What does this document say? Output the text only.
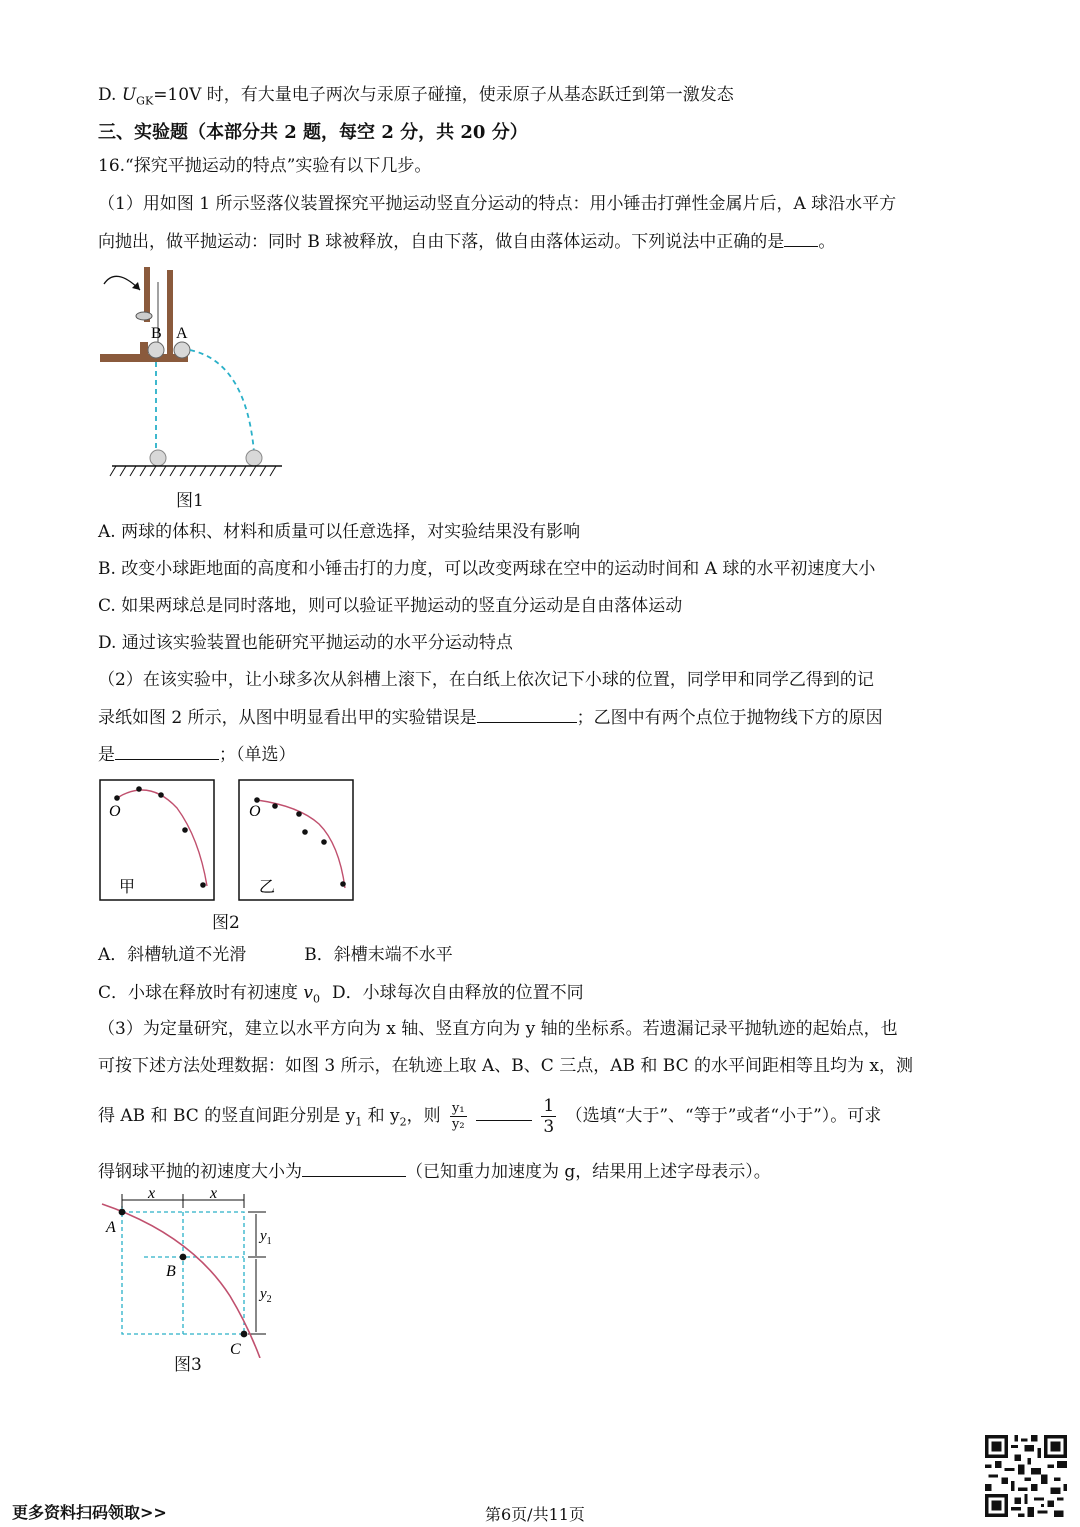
D. $U_{GK}=10V$ 时，有大量电子两次与汞原子碰撞，使汞原子从基态跃迁到第一激发态
三、实验题（本部分共 2 题，每空 2 分，共 20 分）
16.“探究平抛运动的特点”实验有以下几步。
（1）用如图 1 所示竖落仪装置探究平抛运动竖直分运动的特点：用小锤击打弹性金属片后，A 球沿水平方
向抛出，做平抛运动：同时 B 球被释放，自由下落，做自由落体运动。下列说法中正确的是 。
B A
图1
A. 两球的体积、材料和质量可以任意选择，对实验结果没有影响
B. 改变小球距地面的高度和小锤击打的力度，可以改变两球在空中的运动时间和 A 球的水平初速度大小
C. 如果两球总是同时落地，则可以验证平抛运动的竖直分运动是自由落体运动
D. 通过该实验装置也能研究平抛运动的水平分运动特点
（2）在该实验中，让小球多次从斜槽上滚下，在白纸上依次记下小球的位置，同学甲和同学乙得到的记
录纸如图 2 所示，从图中明显看出甲的实验错误是	；乙图中有两个点位于抛物线下方的原因
是	；（单选）
O
甲
O
乙
图2
A．斜槽轨道不光滑	B．斜槽末端不水平
C．小球在释放时有初速度 $v_0$ D．小球每次自由释放的位置不同
（3）为定量研究，建立以水平方向为 x 轴、竖直方向为 y 轴的坐标系。若遗漏记录平抛轨迹的起始点，也
可按下述方法处理数据：如图 3 所示，在轨迹上取 A、B、C 三点，AB 和 BC 的水平间距相等且均为 x，测
得 AB 和 BC 的竖直间距分别是 $y_1$ 和 $y_2$，则 $\frac{\text{y₁}}{\text{y₂}}$
	$\frac{1}{3}$ （选填“大于”、“等于”或者“小于”）。可求
得钢球平抛的初速度大小为	（已知重力加速度为 g，结果用上述字母表示）。
x	x
$y_1$
$y_2$
A
B
C
图3
更多资料扫码领取>>	第6页/共11页
